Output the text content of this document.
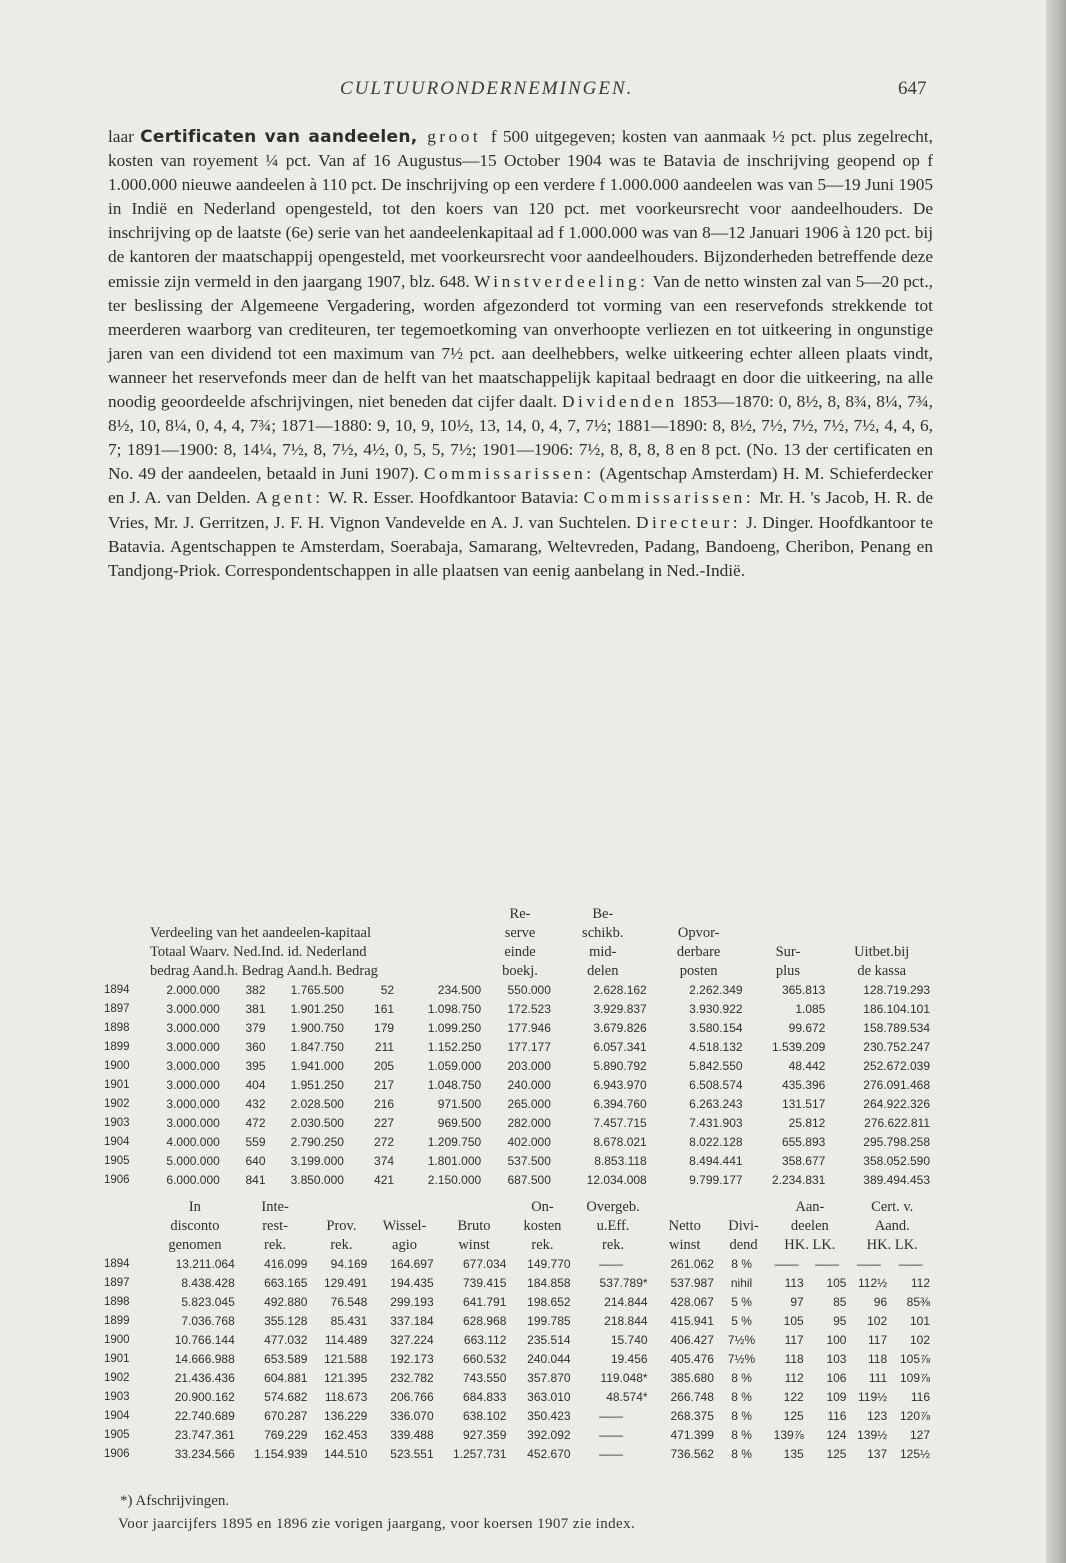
CULTUURONDERNEMINGEN.	647

laar Certificaten van aandeelen, groot f 500 uitgegeven; kosten van aanmaak ½ pct. plus zegelrecht, kosten van royement ¼ pct. Van af 16 Augustus—15 October 1904 was te Batavia de inschrijving geopend op f 1.000.000 nieuwe aandeelen à 110 pct. De inschrijving op een verdere f 1.000.000 aandeelen was van 5—19 Juni 1905 in Indië en Nederland opengesteld, tot den koers van 120 pct. met voorkeursrecht voor aandeelhouders. De inschrijving op de laatste (6e) serie van het aandeelenkapitaal ad f 1.000.000 was van 8—12 Januari 1906 à 120 pct. bij de kantoren der maatschappij opengesteld, met voorkeursrecht voor aandeelhouders. Bijzonderheden betreffende deze emissie zijn vermeld in den jaargang 1907, blz. 648. Winstverdeeling: Van de netto winsten zal van 5—20 pct., ter beslissing der Algemeene Vergadering, worden afgezonderd tot vorming van een reservefonds strekkende tot meerderen waarborg van crediteuren, ter tegemoetkoming van onverhoopte verliezen en tot uitkeering in ongunstige jaren van een dividend tot een maximum van 7½ pct. aan deelhebbers, welke uitkeering echter alleen plaats vindt, wanneer het reservefonds meer dan de helft van het maatschappelijk kapitaal bedraagt en door die uitkeering, na alle noodig geoordeelde afschrijvingen, niet beneden dat cijfer daalt. Dividenden 1853—1870: 0, 8½, 8, 8¾, 8¼, 7¾, 8½, 10, 8¼, 0, 4, 4, 7¾; 1871—1880: 9, 10, 9, 10½, 13, 14, 0, 4, 7, 7½; 1881—1890: 8, 8½, 7½, 7½, 7½, 7½, 4, 4, 6, 7; 1891—1900: 8, 14¼, 7½, 8, 7½, 4½, 0, 5, 5, 7½; 1901—1906: 7½, 8, 8, 8, 8 en 8 pct. (No. 13 der certificaten en No. 49 der aandeelen, betaald in Juni 1907). Commissarissen: (Agentschap Amsterdam) H. M. Schieferdecker en J. A. van Delden. Agent: W. R. Esser. Hoofdkantoor Batavia: Commissarissen: Mr. H. 's Jacob, H. R. de Vries, Mr. J. Gerritzen, J. F. H. Vignon Vandevelde en A. J. van Suchtelen. Directeur: J. Dinger. Hoofdkantoor te Batavia. Agentschappen te Amsterdam, Soerabaja, Samarang, Weltevreden, Padang, Bandoeng, Cheribon, Penang en Tandjong-Priok. Correspondentschappen in alle plaatsen van eenig aanbelang in Ned.-Indië.

						Re-	Be-			
Verdeeling van het aandeelen-kapitaal						serve	schikb.	Opvor-		
Totaal Waarv. Ned.Ind. id. Nederland						einde	mid-	derbare	Sur-	Uitbet.bij
bedrag Aand.h. Bedrag Aand.h. Bedrag						boekj.	delen	posten	plus	de kassa
1894	2.000.000	382	1.765.500	52	234.500	550.000	2.628.162	2.262.349	365.813	128.719.293
1897	3.000.000	381	1.901.250	161	1.098.750	172.523	3.929.837	3.930.922	1.085	186.104.101
1898	3.000.000	379	1.900.750	179	1.099.250	177.946	3.679.826	3.580.154	99.672	158.789.534
1899	3.000.000	360	1.847.750	211	1.152.250	177.177	6.057.341	4.518.132	1.539.209	230.752.247
1900	3.000.000	395	1.941.000	205	1.059.000	203.000	5.890.792	5.842.550	48.442	252.672.039
1901	3.000.000	404	1.951.250	217	1.048.750	240.000	6.943.970	6.508.574	435.396	276.091.468
1902	3.000.000	432	2.028.500	216	971.500	265.000	6.394.760	6.263.243	131.517	264.922.326
1903	3.000.000	472	2.030.500	227	969.500	282.000	7.457.715	7.431.903	25.812	276.622.811
1904	4.000.000	559	2.790.250	272	1.209.750	402.000	8.678.021	8.022.128	655.893	295.798.258
1905	5.000.000	640	3.199.000	374	1.801.000	537.500	8.853.118	8.494.441	358.677	358.052.590
1906	6.000.000	841	3.850.000	421	2.150.000	687.500	12.034.008	9.799.177	2.234.831	389.494.453
	In	Inte-				On-	Overgeb.			Aan-		Cert. v.	
	disconto	rest-	Prov.	Wissel-	Bruto	kosten	u.Eff.	Netto	Divi-	deelen		Aand.	
	genomen	rek.	rek.	agio	winst	rek.	rek.	winst	dend	HK. LK.		HK. LK.	
1894	13.211.064	416.099	94.169	164.697	677.034	149.770	——	261.062	8 %	——	——	——	——
1897	8.438.428	663.165	129.491	194.435	739.415	184.858	537.789*	537.987	nihil	113	105	112½	112
1898	5.823.045	492.880	76.548	299.193	641.791	198.652	214.844	428.067	5 %	97	85	96	85⅜
1899	7.036.768	355.128	85.431	337.184	628.968	199.785	218.844	415.941	5 %	105	95	102	101
1900	10.766.144	477.032	114.489	327.224	663.112	235.514	15.740	406.427	7½%	117	100	117	102
1901	14.666.988	653.589	121.588	192.173	660.532	240.044	19.456	405.476	7½%	118	103	118	105⅞
1902	21.436.436	604.881	121.395	232.782	743.550	357.870	119.048*	385.680	8 %	112	106	111	109⅞
1903	20.900.162	574.682	118.673	206.766	684.833	363.010	48.574*	266.748	8 %	122	109	119½	116
1904	22.740.689	670.287	136.229	336.070	638.102	350.423	——	268.375	8 %	125	116	123	120⅞
1905	23.747.361	769.229	162.453	339.488	927.359	392.092	——	471.399	8 %	139⅞	124	139½	127
1906	33.234.566	1.154.939	144.510	523.551	1.257.731	452.670	——	736.562	8 %	135	125	137	125½
*) Afschrijvingen.
Voor jaarcijfers 1895 en 1896 zie vorigen jaargang, voor koersen 1907 zie index.
